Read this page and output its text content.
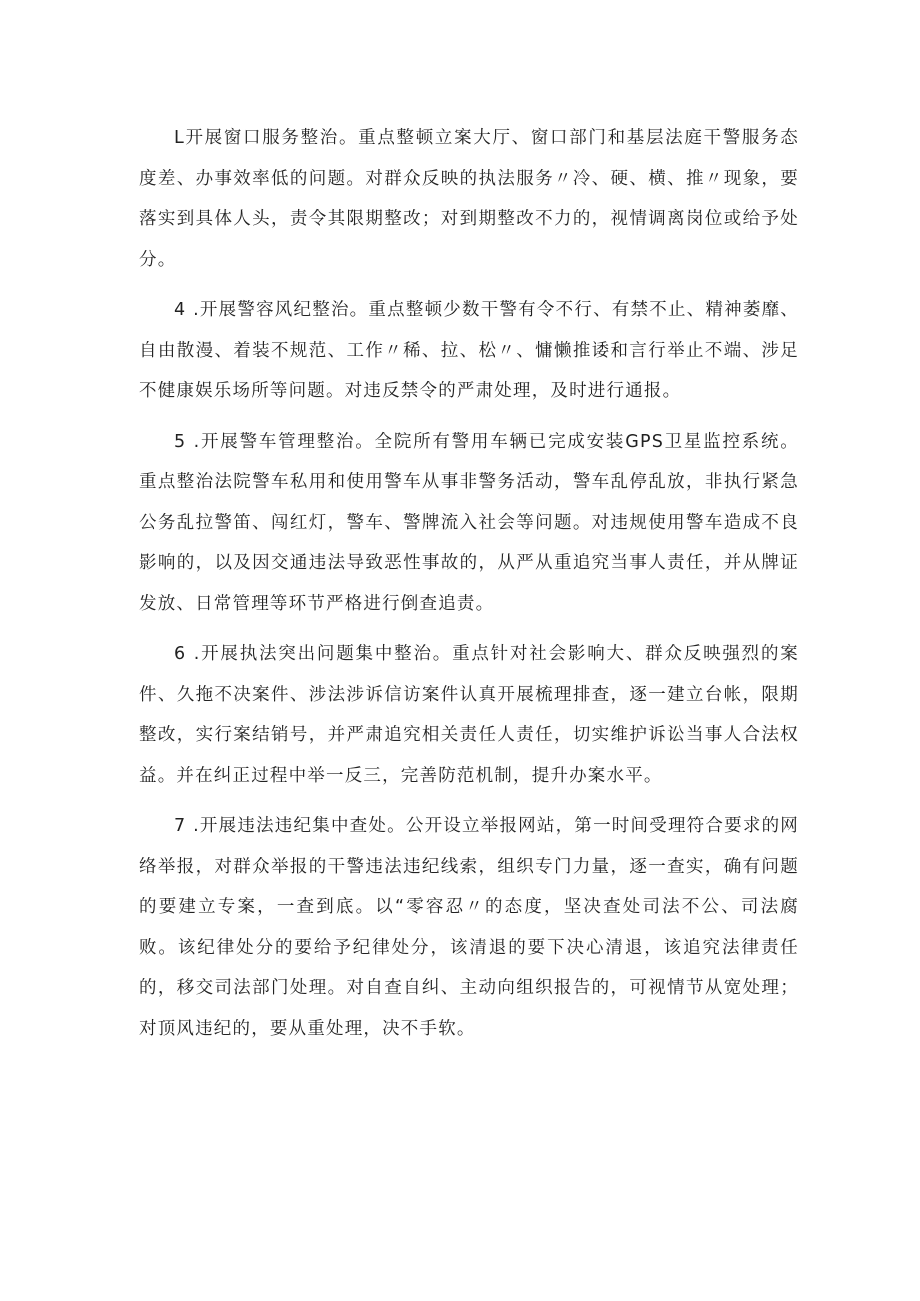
L开展窗口服务整治。重点整顿立案大厅、窗口部门和基层法庭干警服务态度差、办事效率低的问题。对群众反映的执法服务〃冷、硬、横、推〃现象，要落实到具体人头，责令其限期整改；对到期整改不力的，视情调离岗位或给予处分。

4 .开展警容风纪整治。重点整顿少数干警有令不行、有禁不止、精神萎靡、自由散漫、着装不规范、工作〃稀、拉、松〃、慵懒推诿和言行举止不端、涉足不健康娱乐场所等问题。对违反禁令的严肃处理，及时进行通报。

5 .开展警车管理整治。全院所有警用车辆已完成安装GPS卫星监控系统。重点整治法院警车私用和使用警车从事非警务活动，警车乱停乱放，非执行紧急公务乱拉警笛、闯红灯，警车、警牌流入社会等问题。对违规使用警车造成不良影响的，以及因交通违法导致恶性事故的，从严从重追究当事人责任，并从牌证发放、日常管理等环节严格进行倒查追责。

6 .开展执法突出问题集中整治。重点针对社会影响大、群众反映强烈的案件、久拖不决案件、涉法涉诉信访案件认真开展梳理排查，逐一建立台帐，限期整改，实行案结销号，并严肃追究相关责任人责任，切实维护诉讼当事人合法权益。并在纠正过程中举一反三，完善防范机制，提升办案水平。

7 .开展违法违纪集中查处。公开设立举报网站，第一时间受理符合要求的网络举报，对群众举报的干警违法违纪线索，组织专门力量，逐一查实，确有问题的要建立专案，一查到底。以“零容忍〃的态度，坚决查处司法不公、司法腐败。该纪律处分的要给予纪律处分，该清退的要下决心清退，该追究法律责任的，移交司法部门处理。对自查自纠、主动向组织报告的，可视情节从宽处理；对顶风违纪的，要从重处理，决不手软。
